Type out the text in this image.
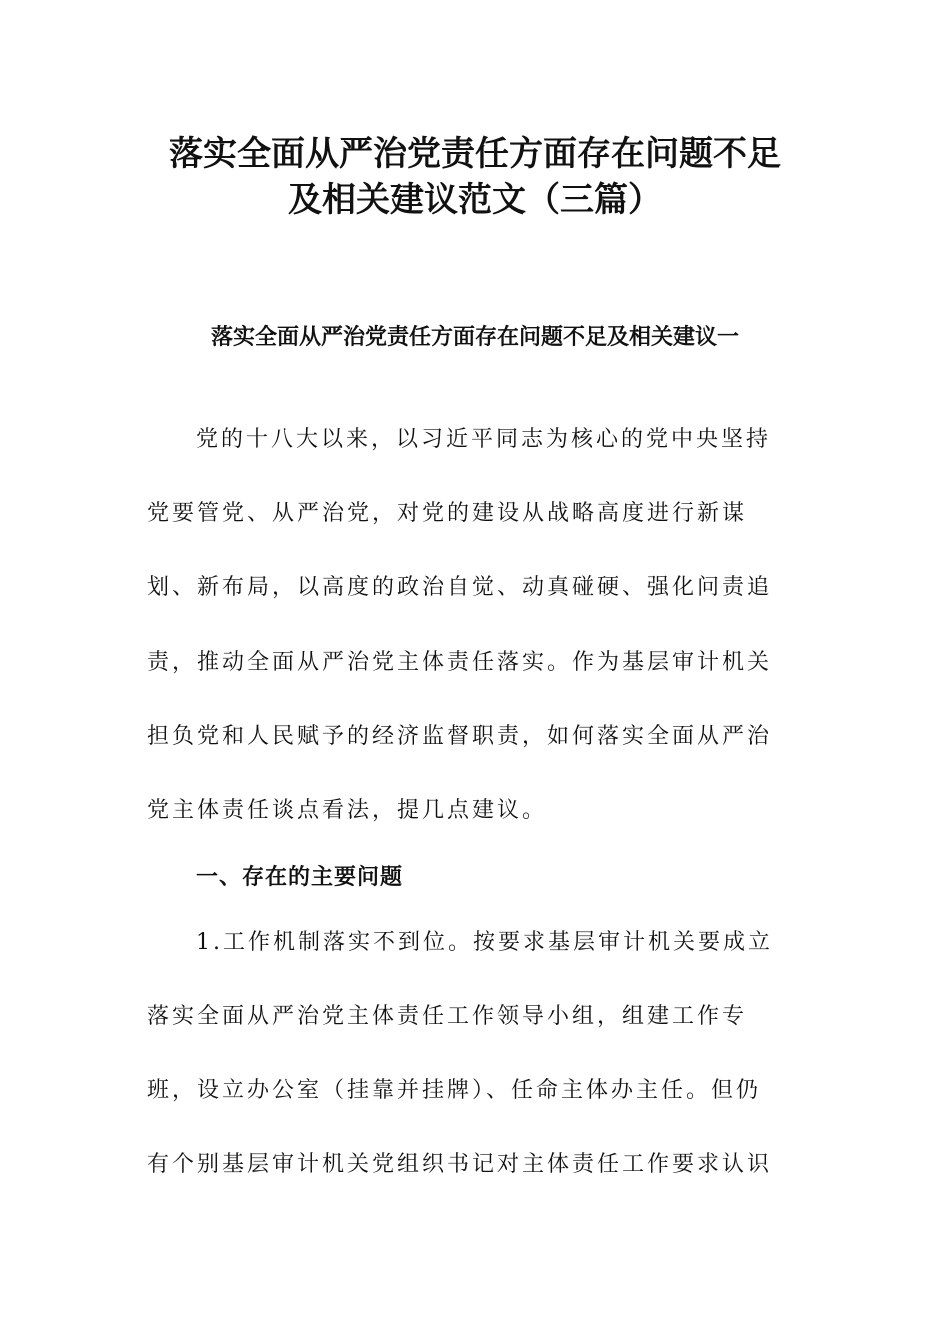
落实全面从严治党责任方面存在问题不足
及相关建议范文（三篇）
落实全面从严治党责任方面存在问题不足及相关建议一
党的十八大以来，以习近平同志为核心的党中央坚持
党要管党、从严治党，对党的建设从战略高度进行新谋
划、新布局，以高度的政治自觉、动真碰硬、强化问责追
责，推动全面从严治党主体责任落实。作为基层审计机关
担负党和人民赋予的经济监督职责，如何落实全面从严治
党主体责任谈点看法，提几点建议。
一、存在的主要问题
1.工作机制落实不到位。按要求基层审计机关要成立
落实全面从严治党主体责任工作领导小组，组建工作专
班，设立办公室（挂靠并挂牌）、任命主体办主任。但仍
有个别基层审计机关党组织书记对主体责任工作要求认识
